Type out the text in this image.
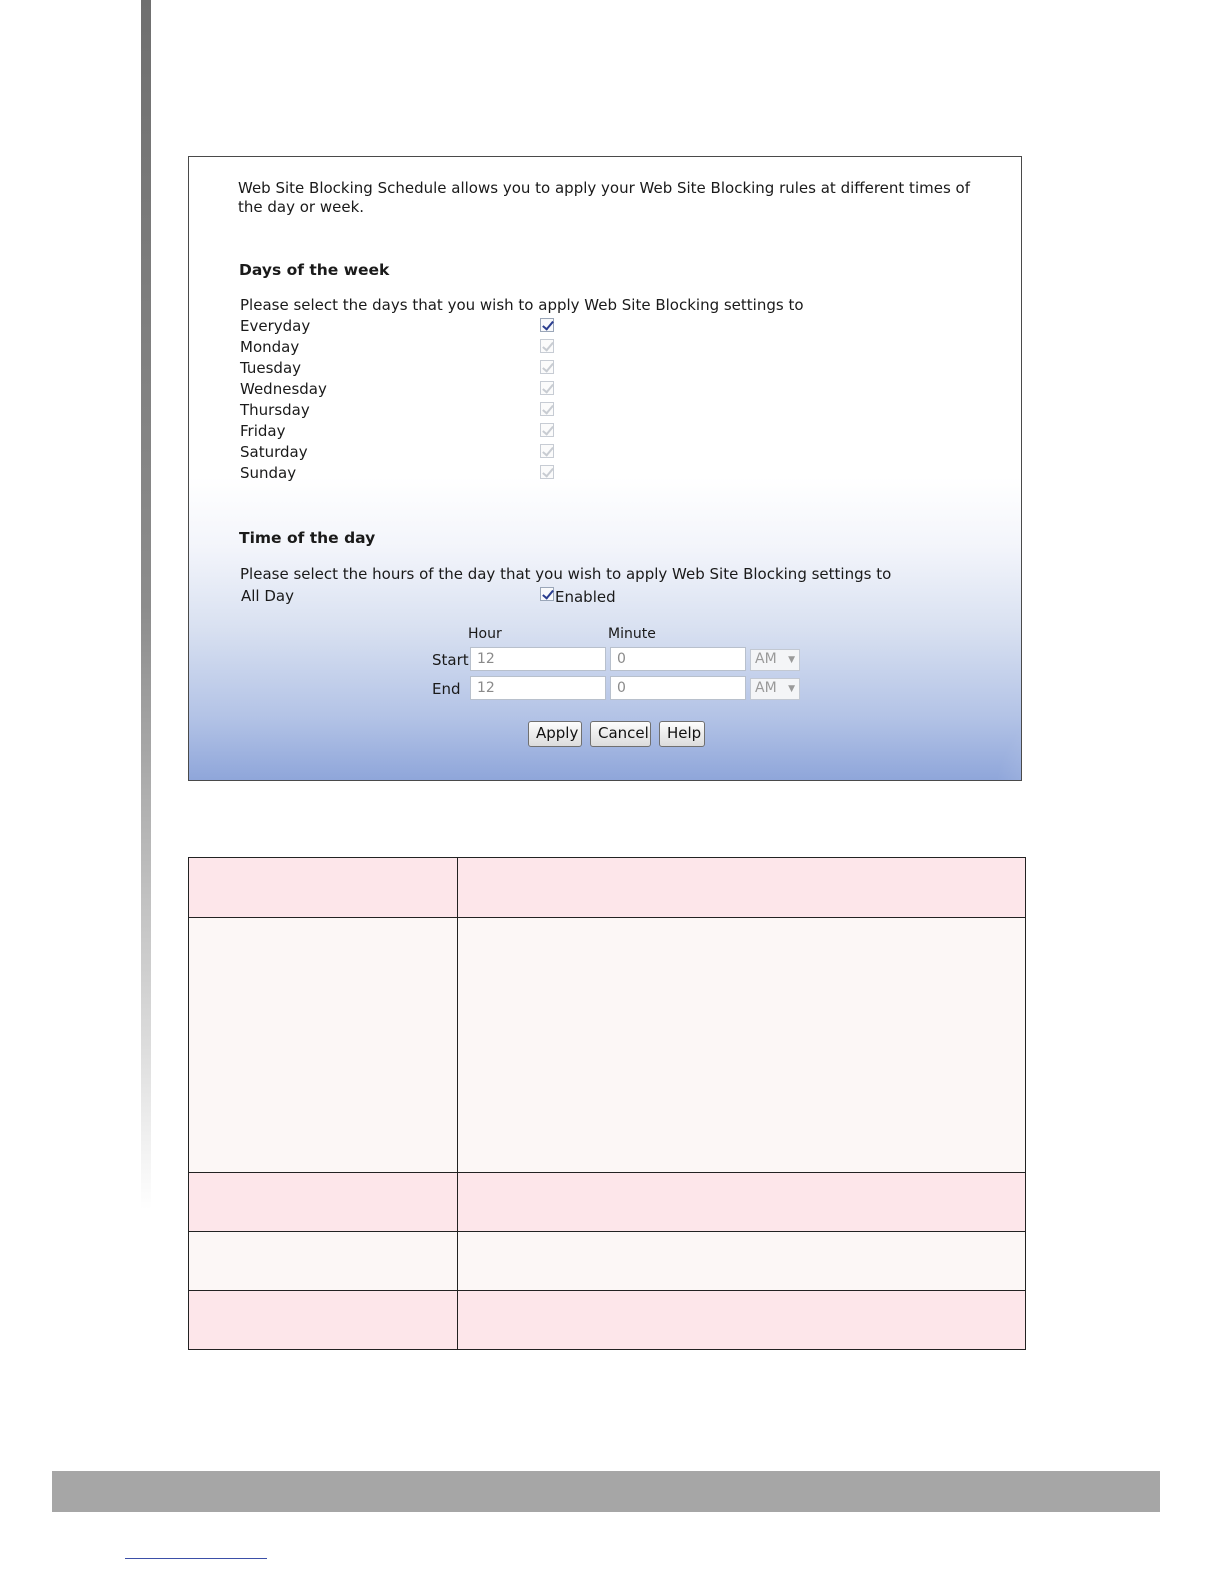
Web Site Blocking Schedule allows you to apply your Web Site Blocking rules at different times of the day or week.
Days of the week
Please select the days that you wish to apply Web Site Blocking settings to
Everyday
Monday
Tuesday
Wednesday
Thursday
Friday
Saturday
Sunday
Time of the day
Please select the hours of the day that you wish to apply Web Site Blocking settings to
All Day	Enabled
Hour	Minute
Start 12	0	AM ▼
End	12	0	AM ▼
Apply	Cancel	Help
